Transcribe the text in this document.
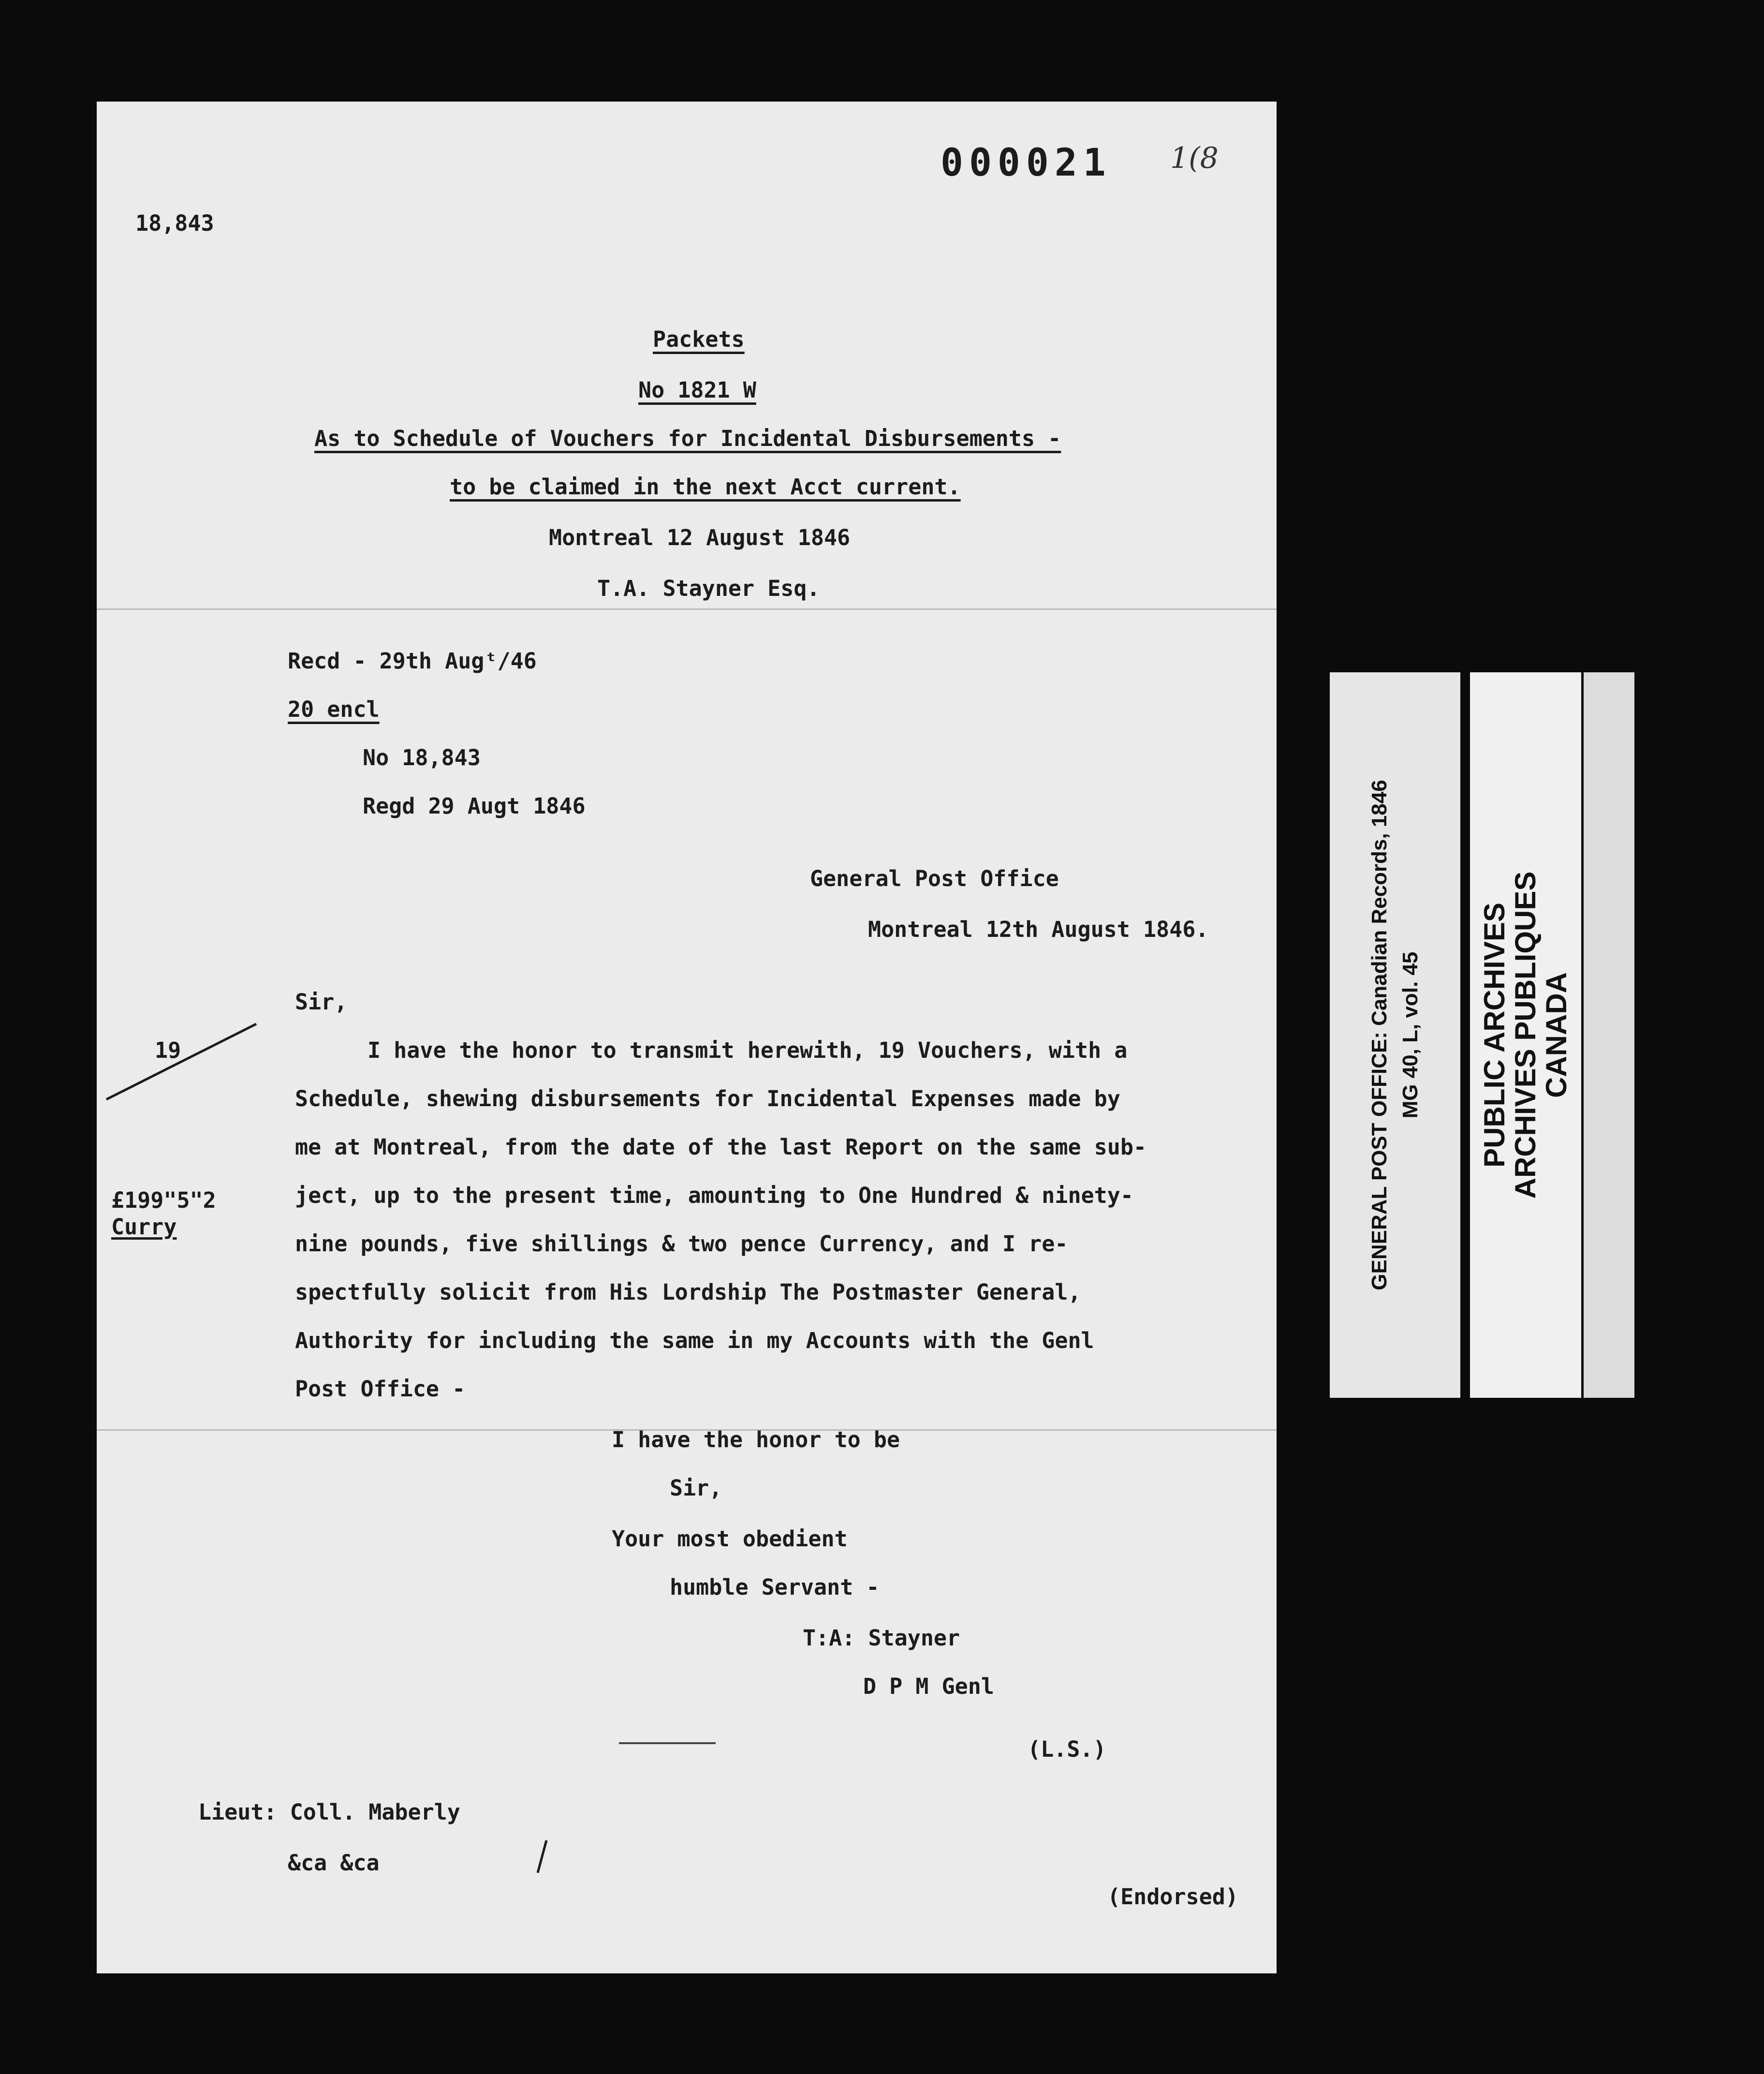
18,843
000021 1(8
Packets
No 1821 W
As to Schedule of Vouchers for Incidental Disbursements -
to be claimed in the next Acct current.
Montreal 12 August 1846
T.A. Stayner Esq.
Recd - 29th Augᵗ/46
20 encl
No 18,843
Regd 29 Augt 1846
General Post Office
Montreal 12th August 1846.
Sir,
19
£199"5"2
Curry
I have the honor to transmit herewith, 19 Vouchers, with a
Schedule, shewing disbursements for Incidental Expenses made by
me at Montreal, from the date of the last Report on the same sub-
ject, up to the present time, amounting to One Hundred & ninety-
nine pounds, five shillings & two pence Currency, and I re-
spectfully solicit from His Lordship The Postmaster General,
Authority for including the same in my Accounts with the Genl
Post Office -
I have the honor to be
Sir,
Your most obedient
humble Servant -
T:A: Stayner
D P M Genl
(L.S.)
Lieut: Coll. Maberly
&ca &ca
(Endorsed)
GENERAL POST OFFICE: Canadian Records, 1846 MG 40, L, vol. 45 PUBLIC ARCHIVES
ARCHIVES PUBLIQUES
CANADA
